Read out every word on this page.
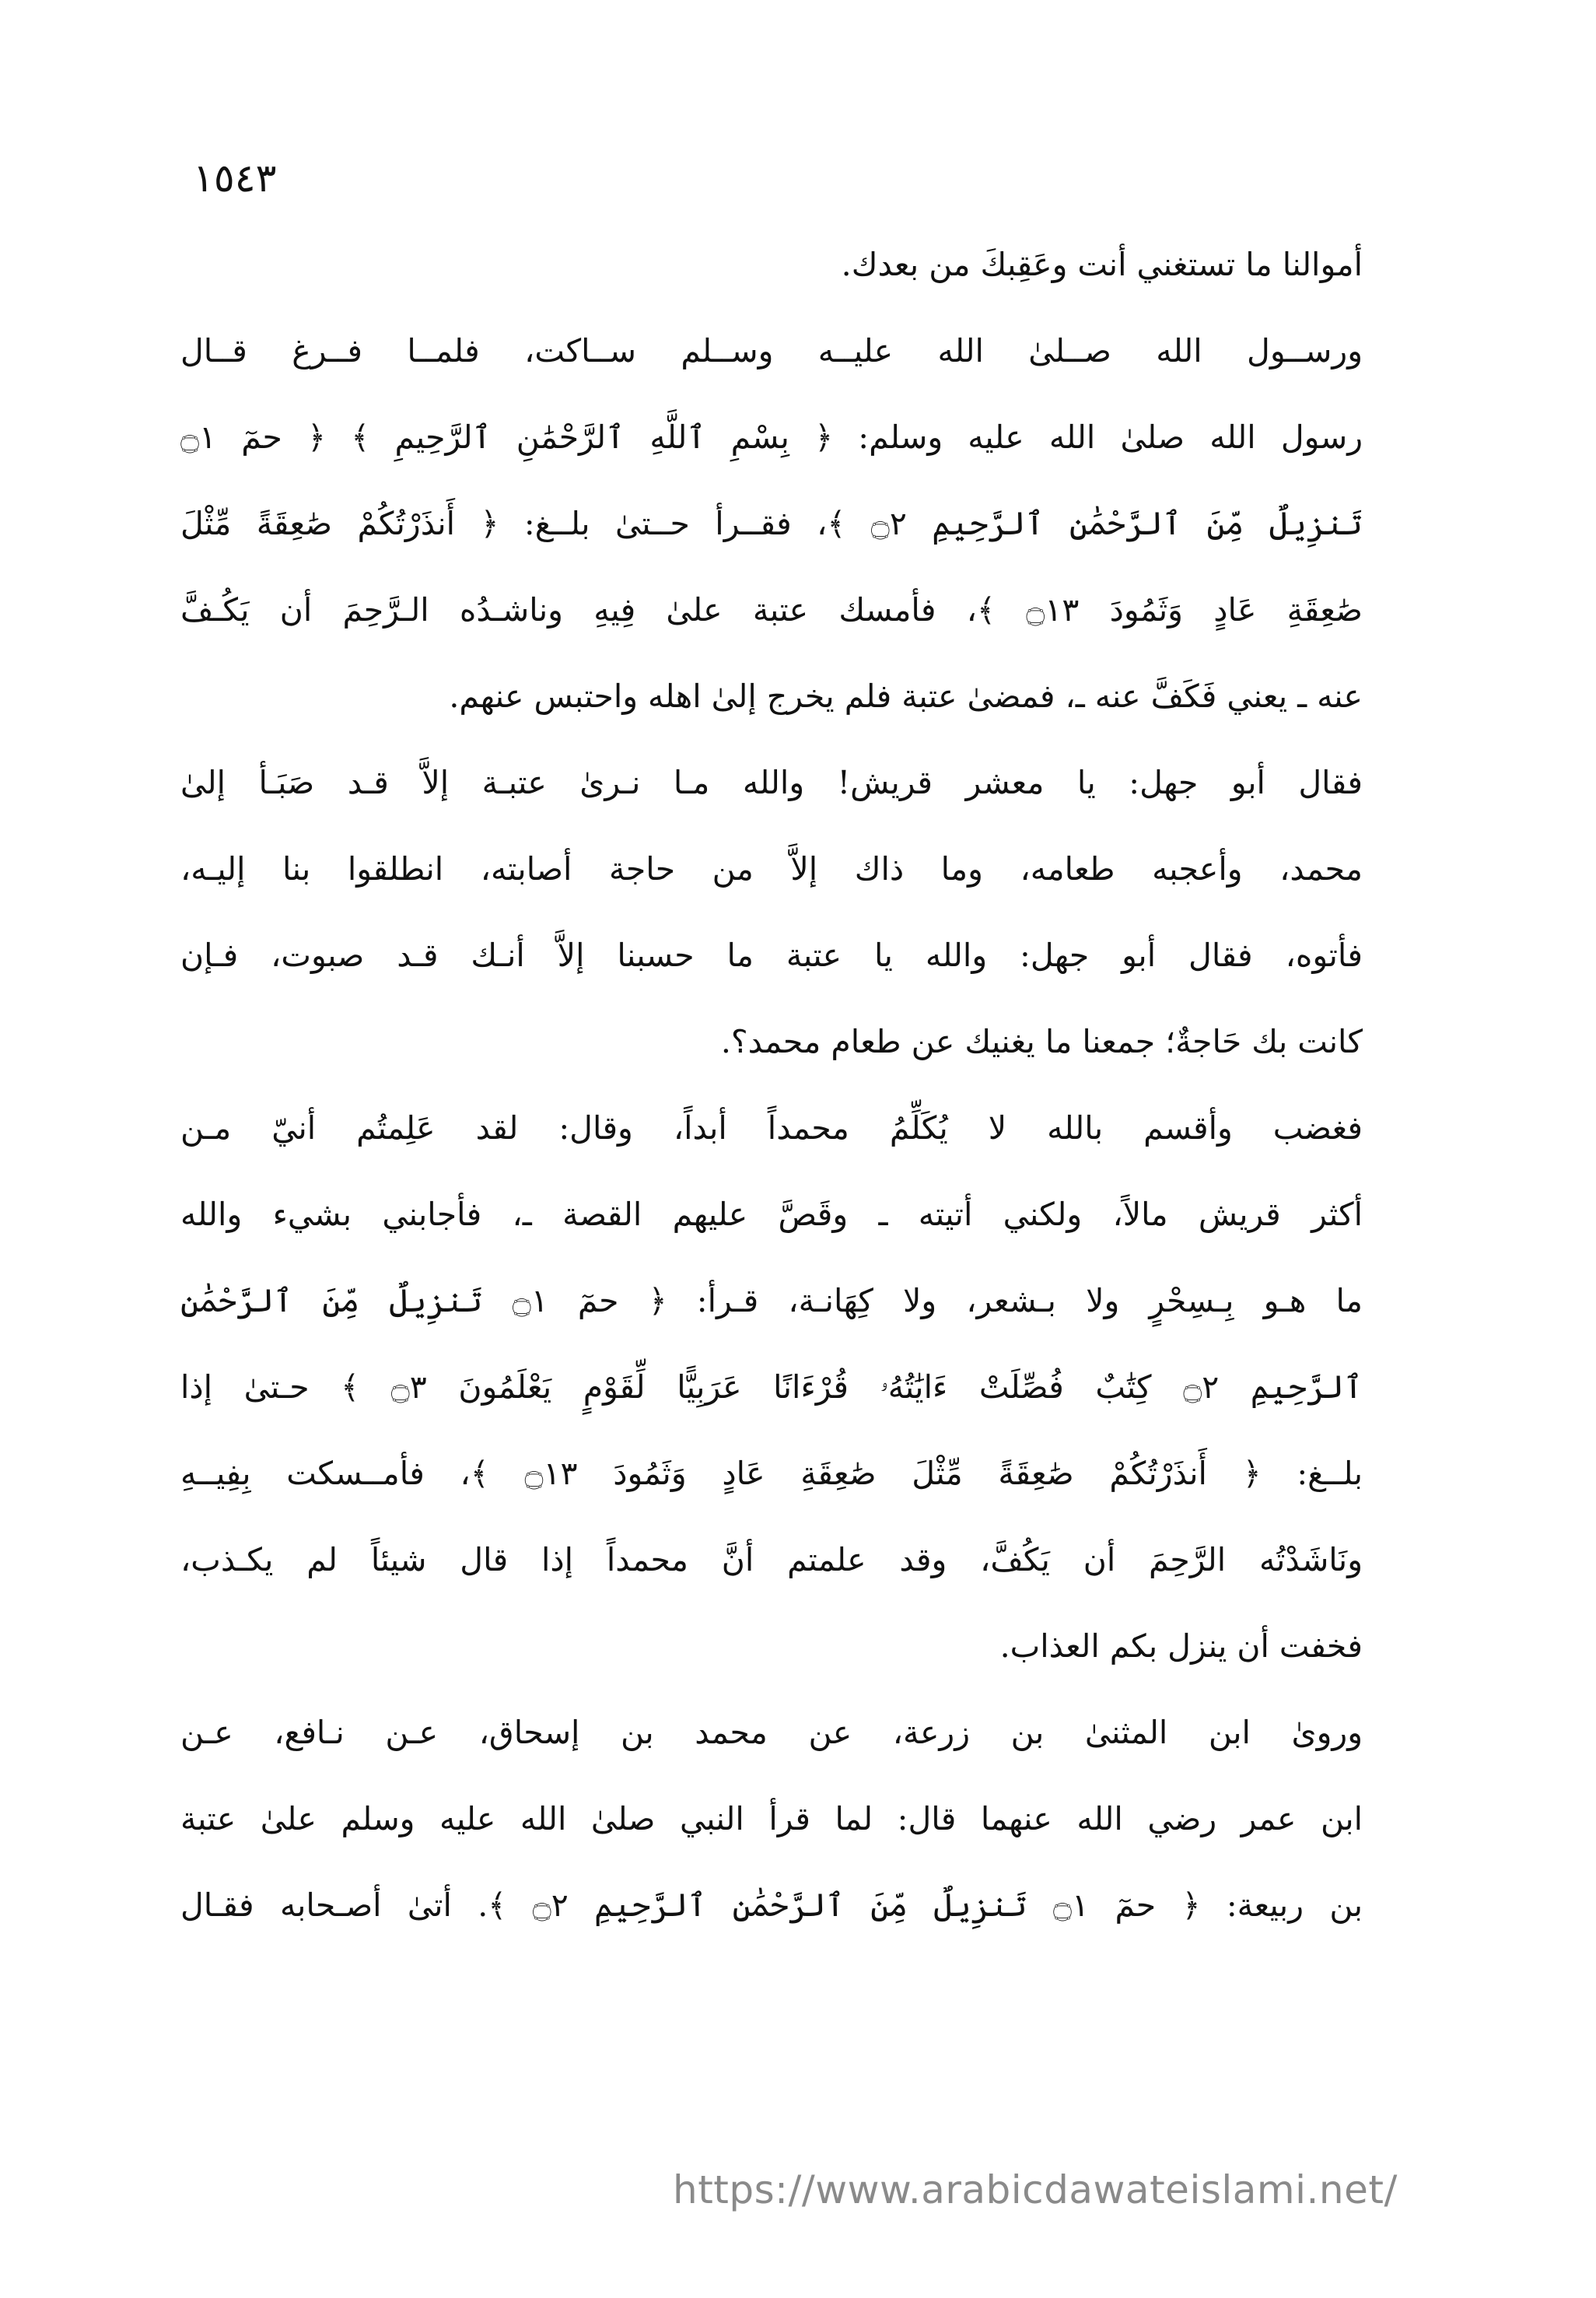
١٥٤٣
أموالنا ما تستغني أنت وعَقِبكَ من بعدك.
ورســول الله صــلىٰ الله عليــه وســلم ســاكت، فلمــا فــرغ قــال
رسول الله صلىٰ الله عليه وسلم: ﴿ بِسْمِ ٱللَّهِ ٱلرَّحْمَٰنِ ٱلرَّحِيمِ ﴾ ﴿ حمٓ ۝١
تَنزِيلٌ مِّنَ ٱلرَّحْمَٰنِ ٱلرَّحِيمِ ۝٢ ﴾، فقــرأ حــتىٰ بلــغ: ﴿ أَنذَرْتُكُمْ صَٰعِقَةً مِّثْلَ
صَٰعِقَةِ عَادٍ وَثَمُودَ ۝١٣ ﴾، فأمسك عتبة علىٰ فِيهِ وناشـدُه الـرَّحِمَ أن يَكُـفَّ
عنه ـ يعني فَكَفَّ عنه ـ، فمضىٰ عتبة فلم يخرج إلىٰ اهله واحتبس عنهم.
فقال أبو جهل: يا معشر قريش! والله مـا نـرىٰ عتبـة إلاَّ قـد صَبَـأ إلىٰ
محمد، وأعجبه طعامه، وما ذاك إلاَّ من حاجة أصابته، انطلقوا بنا إليـه،
فأتوه، فقال أبو جهل: والله يا عتبة ما حسبنا إلاَّ أنـك قـد صبوت، فـإن
كانت بك حَاجةٌ؛ جمعنا ما يغنيك عن طعام محمد؟.
فغضب وأقسم بالله لا يُكَلِّمُ محمداً أبداً، وقال: لقد عَلِمتُم أنيّ مـن
أكثر قريش مالاً، ولكني أتيته ـ وقَصَّ عليهم القصة ـ، فأجابني بشيء والله
ما هـو بِـسِحْرٍ ولا بـشعر، ولا كِهَانـة، قـرأ: ﴿ حمٓ ۝١ تَنزِيلٌ مِّنَ ٱلرَّحْمَٰنِ
ٱلرَّحِيمِ ۝٢ كِتَٰبٌ فُصِّلَتْ ءَايَٰتُهُۥ قُرْءَانًا عَرَبِيًّا لِّقَوْمٍ يَعْلَمُونَ ۝٣ ﴾ حـتىٰ إذا
بلــغ: ﴿ أَنذَرْتُكُمْ صَٰعِقَةً مِّثْلَ صَٰعِقَةِ عَادٍ وَثَمُودَ ۝١٣ ﴾، فأمــسكت بِفِيــهِ
ونَاشَدْتُه الرَّحِمَ أن يَكُفَّ، وقد علمتم أنَّ محمداً إذا قال شيئاً لم يكـذب،
فخفت أن ينزل بكم العذاب.
وروىٰ ابن المثنىٰ بن زرعة، عن محمد بن إسحاق، عـن نـافع، عـن
ابن عمر رضي الله عنهما قال: لما قرأ النبي صلىٰ الله عليه وسلم علىٰ عتبة
بن ربيعة: ﴿ حمٓ ۝١ تَنزِيلٌ مِّنَ ٱلرَّحْمَٰنِ ٱلرَّحِيمِ ۝٢ ﴾. أتىٰ أصـحابه فقـال
https://www.arabicdawateislami.net/
